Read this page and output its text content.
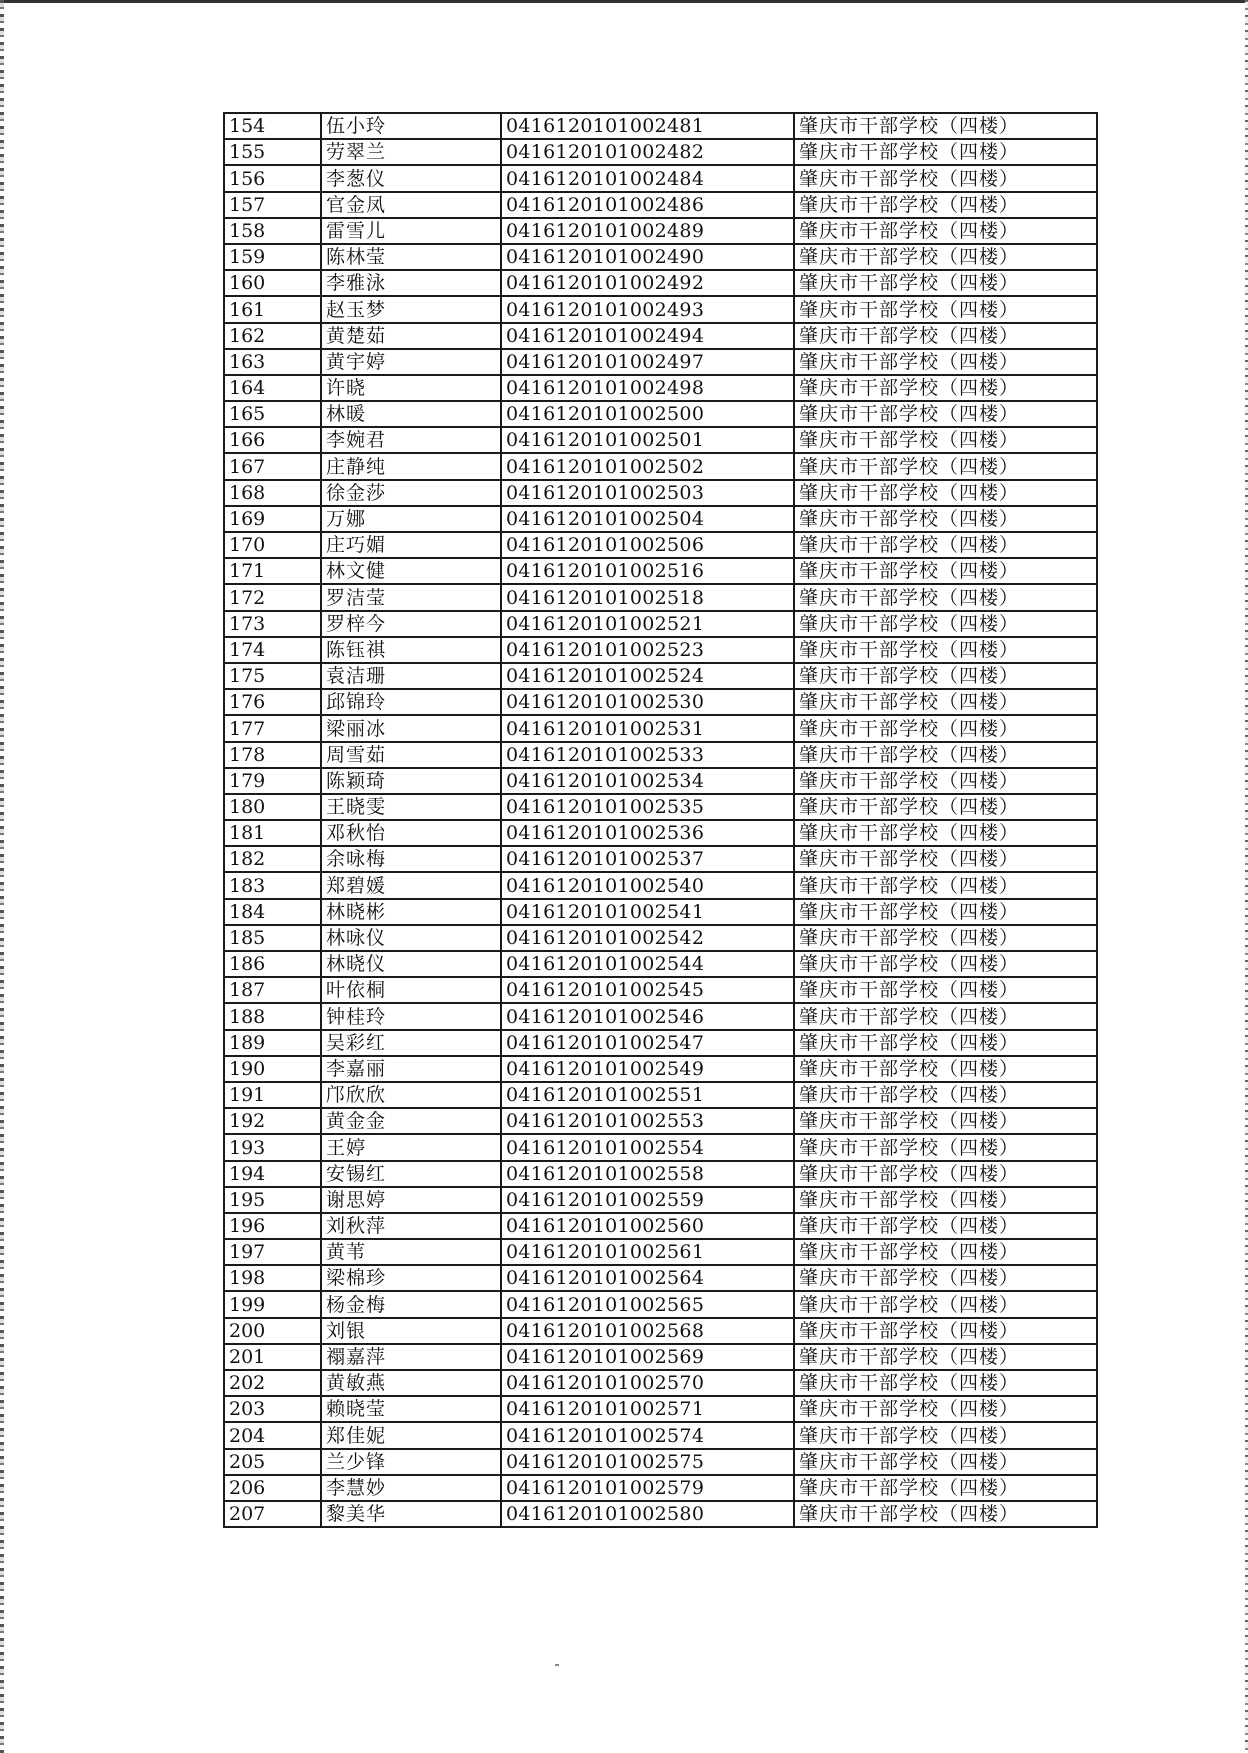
154	伍小玲	0416120101002481	肇庆市干部学校（四楼）
155	劳翠兰	0416120101002482	肇庆市干部学校（四楼）
156	李葱仪	0416120101002484	肇庆市干部学校（四楼）
157	官金凤	0416120101002486	肇庆市干部学校（四楼）
158	雷雪儿	0416120101002489	肇庆市干部学校（四楼）
159	陈林莹	0416120101002490	肇庆市干部学校（四楼）
160	李雅泳	0416120101002492	肇庆市干部学校（四楼）
161	赵玉梦	0416120101002493	肇庆市干部学校（四楼）
162	黄楚茹	0416120101002494	肇庆市干部学校（四楼）
163	黄宇婷	0416120101002497	肇庆市干部学校（四楼）
164	许晓	0416120101002498	肇庆市干部学校（四楼）
165	林暖	0416120101002500	肇庆市干部学校（四楼）
166	李婉君	0416120101002501	肇庆市干部学校（四楼）
167	庄静纯	0416120101002502	肇庆市干部学校（四楼）
168	徐金莎	0416120101002503	肇庆市干部学校（四楼）
169	万娜	0416120101002504	肇庆市干部学校（四楼）
170	庄巧媚	0416120101002506	肇庆市干部学校（四楼）
171	林文健	0416120101002516	肇庆市干部学校（四楼）
172	罗洁莹	0416120101002518	肇庆市干部学校（四楼）
173	罗梓今	0416120101002521	肇庆市干部学校（四楼）
174	陈钰祺	0416120101002523	肇庆市干部学校（四楼）
175	袁洁珊	0416120101002524	肇庆市干部学校（四楼）
176	邱锦玲	0416120101002530	肇庆市干部学校（四楼）
177	梁丽冰	0416120101002531	肇庆市干部学校（四楼）
178	周雪茹	0416120101002533	肇庆市干部学校（四楼）
179	陈颖琦	0416120101002534	肇庆市干部学校（四楼）
180	王晓雯	0416120101002535	肇庆市干部学校（四楼）
181	邓秋怡	0416120101002536	肇庆市干部学校（四楼）
182	余咏梅	0416120101002537	肇庆市干部学校（四楼）
183	郑碧媛	0416120101002540	肇庆市干部学校（四楼）
184	林晓彬	0416120101002541	肇庆市干部学校（四楼）
185	林咏仪	0416120101002542	肇庆市干部学校（四楼）
186	林晓仪	0416120101002544	肇庆市干部学校（四楼）
187	叶依桐	0416120101002545	肇庆市干部学校（四楼）
188	钟桂玲	0416120101002546	肇庆市干部学校（四楼）
189	吴彩红	0416120101002547	肇庆市干部学校（四楼）
190	李嘉丽	0416120101002549	肇庆市干部学校（四楼）
191	邝欣欣	0416120101002551	肇庆市干部学校（四楼）
192	黄金金	0416120101002553	肇庆市干部学校（四楼）
193	王婷	0416120101002554	肇庆市干部学校（四楼）
194	安锡红	0416120101002558	肇庆市干部学校（四楼）
195	谢思婷	0416120101002559	肇庆市干部学校（四楼）
196	刘秋萍	0416120101002560	肇庆市干部学校（四楼）
197	黄苇	0416120101002561	肇庆市干部学校（四楼）
198	梁棉珍	0416120101002564	肇庆市干部学校（四楼）
199	杨金梅	0416120101002565	肇庆市干部学校（四楼）
200	刘银	0416120101002568	肇庆市干部学校（四楼）
201	禤嘉萍	0416120101002569	肇庆市干部学校（四楼）
202	黄敏燕	0416120101002570	肇庆市干部学校（四楼）
203	赖晓莹	0416120101002571	肇庆市干部学校（四楼）
204	郑佳妮	0416120101002574	肇庆市干部学校（四楼）
205	兰少锋	0416120101002575	肇庆市干部学校（四楼）
206	李慧妙	0416120101002579	肇庆市干部学校（四楼）
207	黎美华	0416120101002580	肇庆市干部学校（四楼）
